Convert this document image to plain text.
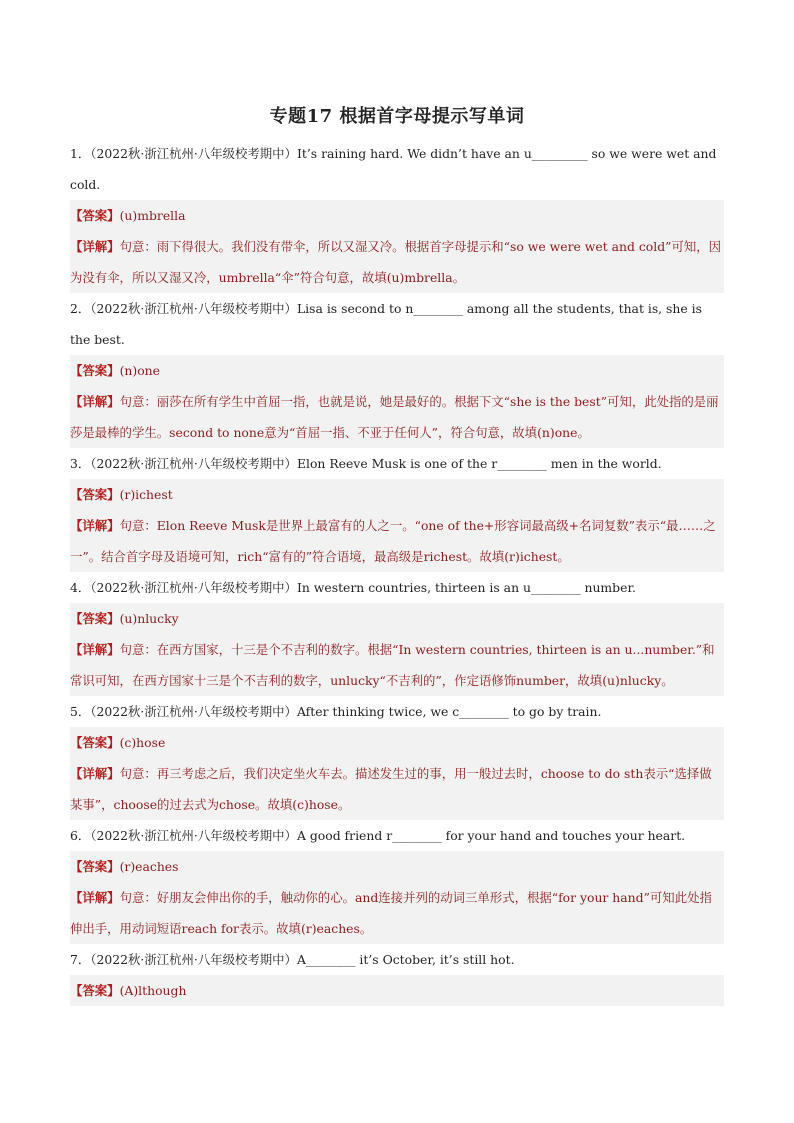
专题17 根据首字母提示写单词
1．（2022秋·浙江杭州·八年级校考期中）It’s raining hard. We didn’t have an u_________ so we were wet and cold.
【答案】(u)mbrella
【详解】句意：雨下得很大。我们没有带伞，所以又湿又冷。根据首字母提示和“so we were wet and cold”可知，因为没有伞，所以又湿又冷，umbrella“伞”符合句意，故填(u)mbrella。
2．（2022秋·浙江杭州·八年级校考期中）Lisa is second to n________ among all the students, that is, she is the best.
【答案】(n)one
【详解】句意：丽莎在所有学生中首屈一指，也就是说，她是最好的。根据下文“she is the best”可知，此处指的是丽莎是最棒的学生。second to none意为“首屈一指、不亚于任何人”，符合句意，故填(n)one。
3．（2022秋·浙江杭州·八年级校考期中）Elon Reeve Musk is one of the r________ men in the world.
【答案】(r)ichest
【详解】句意：Elon Reeve Musk是世界上最富有的人之一。“one of the+形容词最高级+名词复数”表示“最……之一”。结合首字母及语境可知，rich“富有的”符合语境，最高级是richest。故填(r)ichest。
4．（2022秋·浙江杭州·八年级校考期中）In western countries, thirteen is an u________ number.
【答案】(u)nlucky
【详解】句意：在西方国家，十三是个不吉利的数字。根据“In western countries, thirteen is an u...number.”和常识可知，在西方国家十三是个不吉利的数字，unlucky“不吉利的”，作定语修饰number，故填(u)nlucky。
5．（2022秋·浙江杭州·八年级校考期中）After thinking twice, we c________ to go by train.
【答案】(c)hose
【详解】句意：再三考虑之后，我们决定坐火车去。描述发生过的事，用一般过去时，choose to do sth表示“选择做某事”，choose的过去式为chose。故填(c)hose。
6．（2022秋·浙江杭州·八年级校考期中）A good friend r________ for your hand and touches your heart.
【答案】(r)eaches
【详解】句意：好朋友会伸出你的手，触动你的心。and连接并列的动词三单形式，根据“for your hand”可知此处指伸出手，用动词短语reach for表示。故填(r)eaches。
7．（2022秋·浙江杭州·八年级校考期中）A________ it’s October, it’s still hot.
【答案】(A)lthough
